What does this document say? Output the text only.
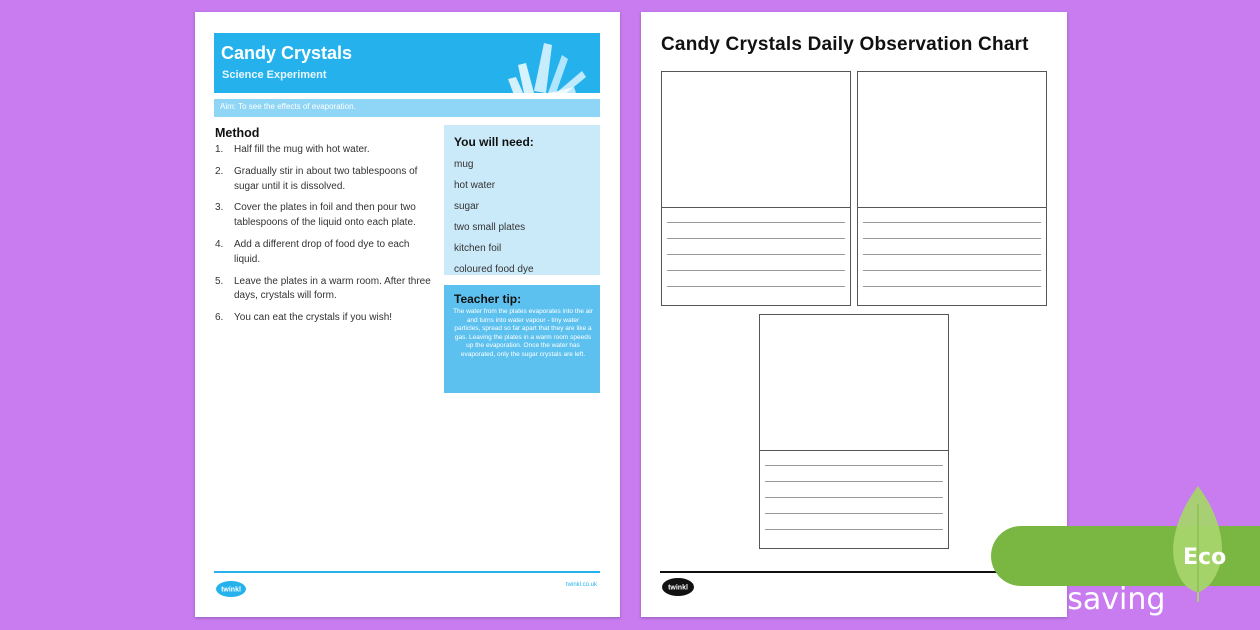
Candy Crystals
Science Experiment
Aim: To see the effects of evaporation.
Method
1.	Half fill the mug with hot water.
2.	Gradually stir in about two tablespoons of sugar until it is dissolved.
3.	Cover the plates in foil and then pour two tablespoons of the liquid onto each plate.
4.	Add a different drop of food dye to each liquid.
5.	Leave the plates in a warm room. After three days, crystals will form.
6.	You can eat the crystals if you wish!
You will need:
mug
hot water
sugar
two small plates
kitchen foil
coloured food dye
Teacher tip:
The water from the plates evaporates into the air and turns into water vapour - tiny water particles, spread so far apart that they are like a gas. Leaving the plates in a warm room speeds up the evaporation. Once the water has evaporated, only the sugar crystals are left.
twinkl
twinkl.co.uk
Candy Crystals Daily Observation Chart
twinkl	ink saving
Eco
